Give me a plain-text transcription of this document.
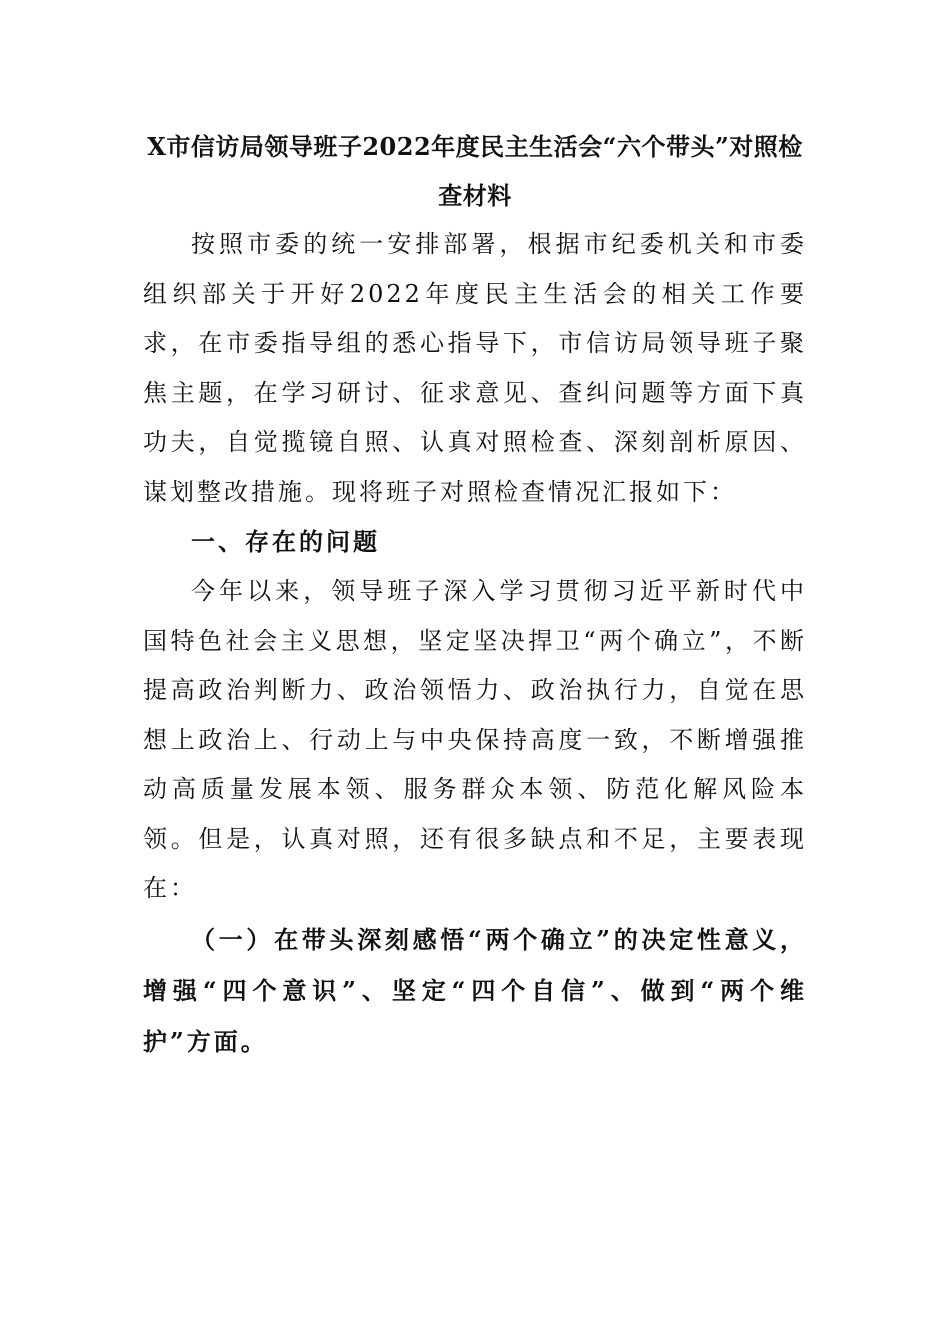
X市信访局领导班子2022年度民主生活会“六个带头”对照检查材料

按照市委的统一安排部署，根据市纪委机关和市委组织部关于开好2022年度民主生活会的相关工作要求，在市委指导组的悉心指导下，市信访局领导班子聚焦主题，在学习研讨、征求意见、查纠问题等方面下真功夫，自觉揽镜自照、认真对照检查、深刻剖析原因、谋划整改措施。现将班子对照检查情况汇报如下：

一、存在的问题

今年以来，领导班子深入学习贯彻习近平新时代中国特色社会主义思想，坚定坚决捍卫“两个确立”，不断提高政治判断力、政治领悟力、政治执行力，自觉在思想上政治上、行动上与中央保持高度一致，不断增强推动高质量发展本领、服务群众本领、防范化解风险本领。但是，认真对照，还有很多缺点和不足，主要表现在：

（一）在带头深刻感悟“两个确立”的决定性意义，增强“四个意识”、坚定“四个自信”、做到“两个维护”方面。
